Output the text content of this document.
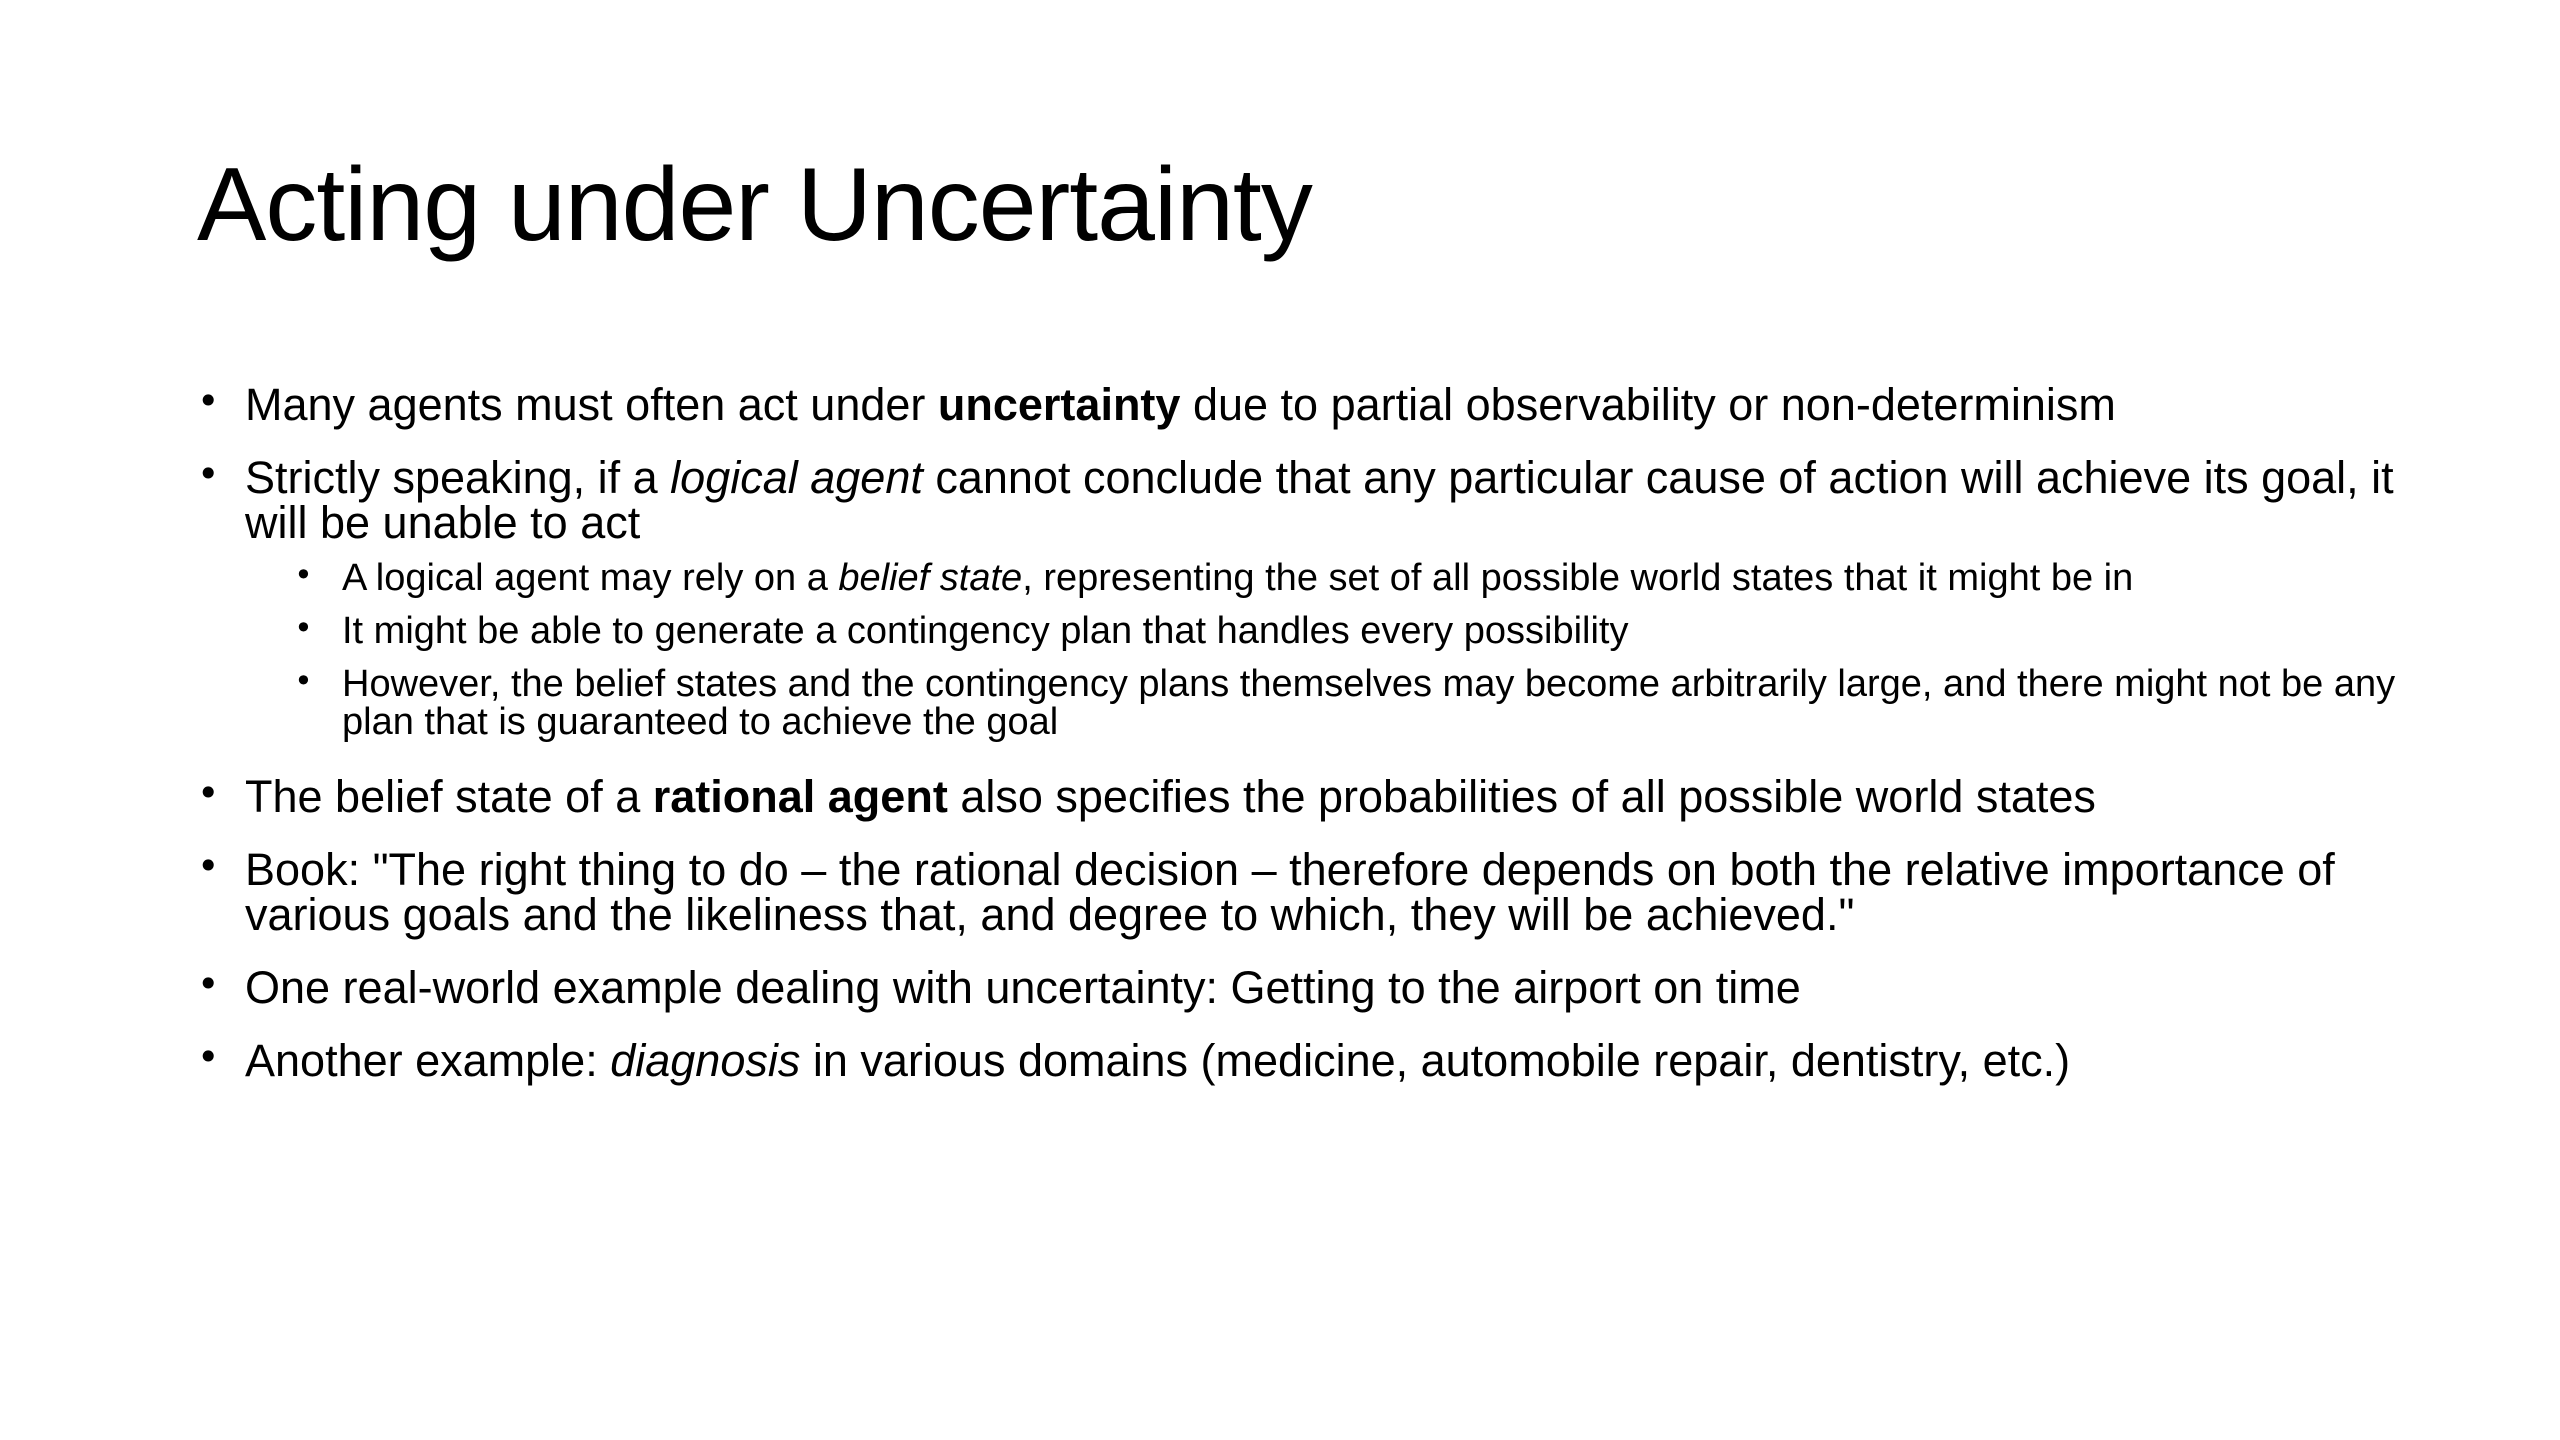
Acting under Uncertainty
• Many agents must often act under uncertainty due to partial observability or non-determinism
• Strictly speaking, if a logical agent cannot conclude that any particular cause of action will achieve its goal, it will be unable to act
• A logical agent may rely on a belief state, representing the set of all possible world states that it might be in
• It might be able to generate a contingency plan that handles every possibility
• However, the belief states and the contingency plans themselves may become arbitrarily large, and there might not be any plan that is guaranteed to achieve the goal
• The belief state of a rational agent also specifies the probabilities of all possible world states
• Book: "The right thing to do – the rational decision – therefore depends on both the relative importance of various goals and the likeliness that, and degree to which, they will be achieved."
• One real-world example dealing with uncertainty: Getting to the airport on time
• Another example: diagnosis in various domains (medicine, automobile repair, dentistry, etc.)
